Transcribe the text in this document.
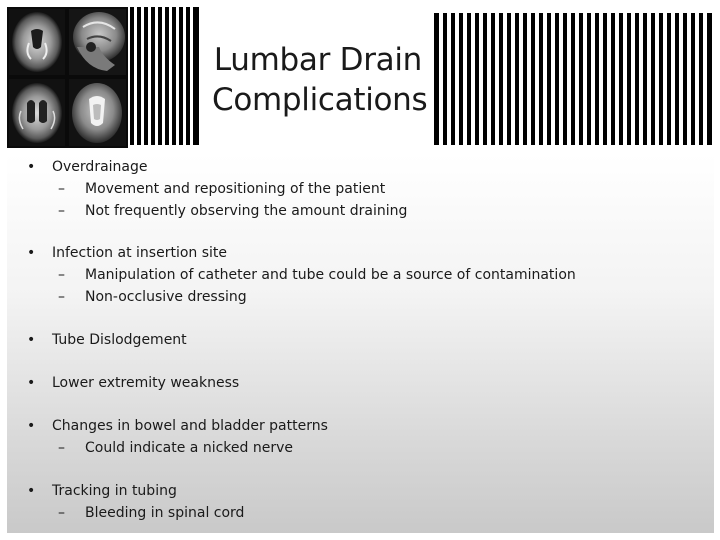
Lumbar Drain
Complications
• Overdrainage
– Movement and repositioning of the patient
– Not frequently observing the amount draining
• Infection at insertion site
– Manipulation of catheter and tube could be a source of contamination
– Non-occlusive dressing
• Tube Dislodgement
• Lower extremity weakness
• Changes in bowel and bladder patterns
– Could indicate a nicked nerve
• Tracking in tubing
– Bleeding in spinal cord
